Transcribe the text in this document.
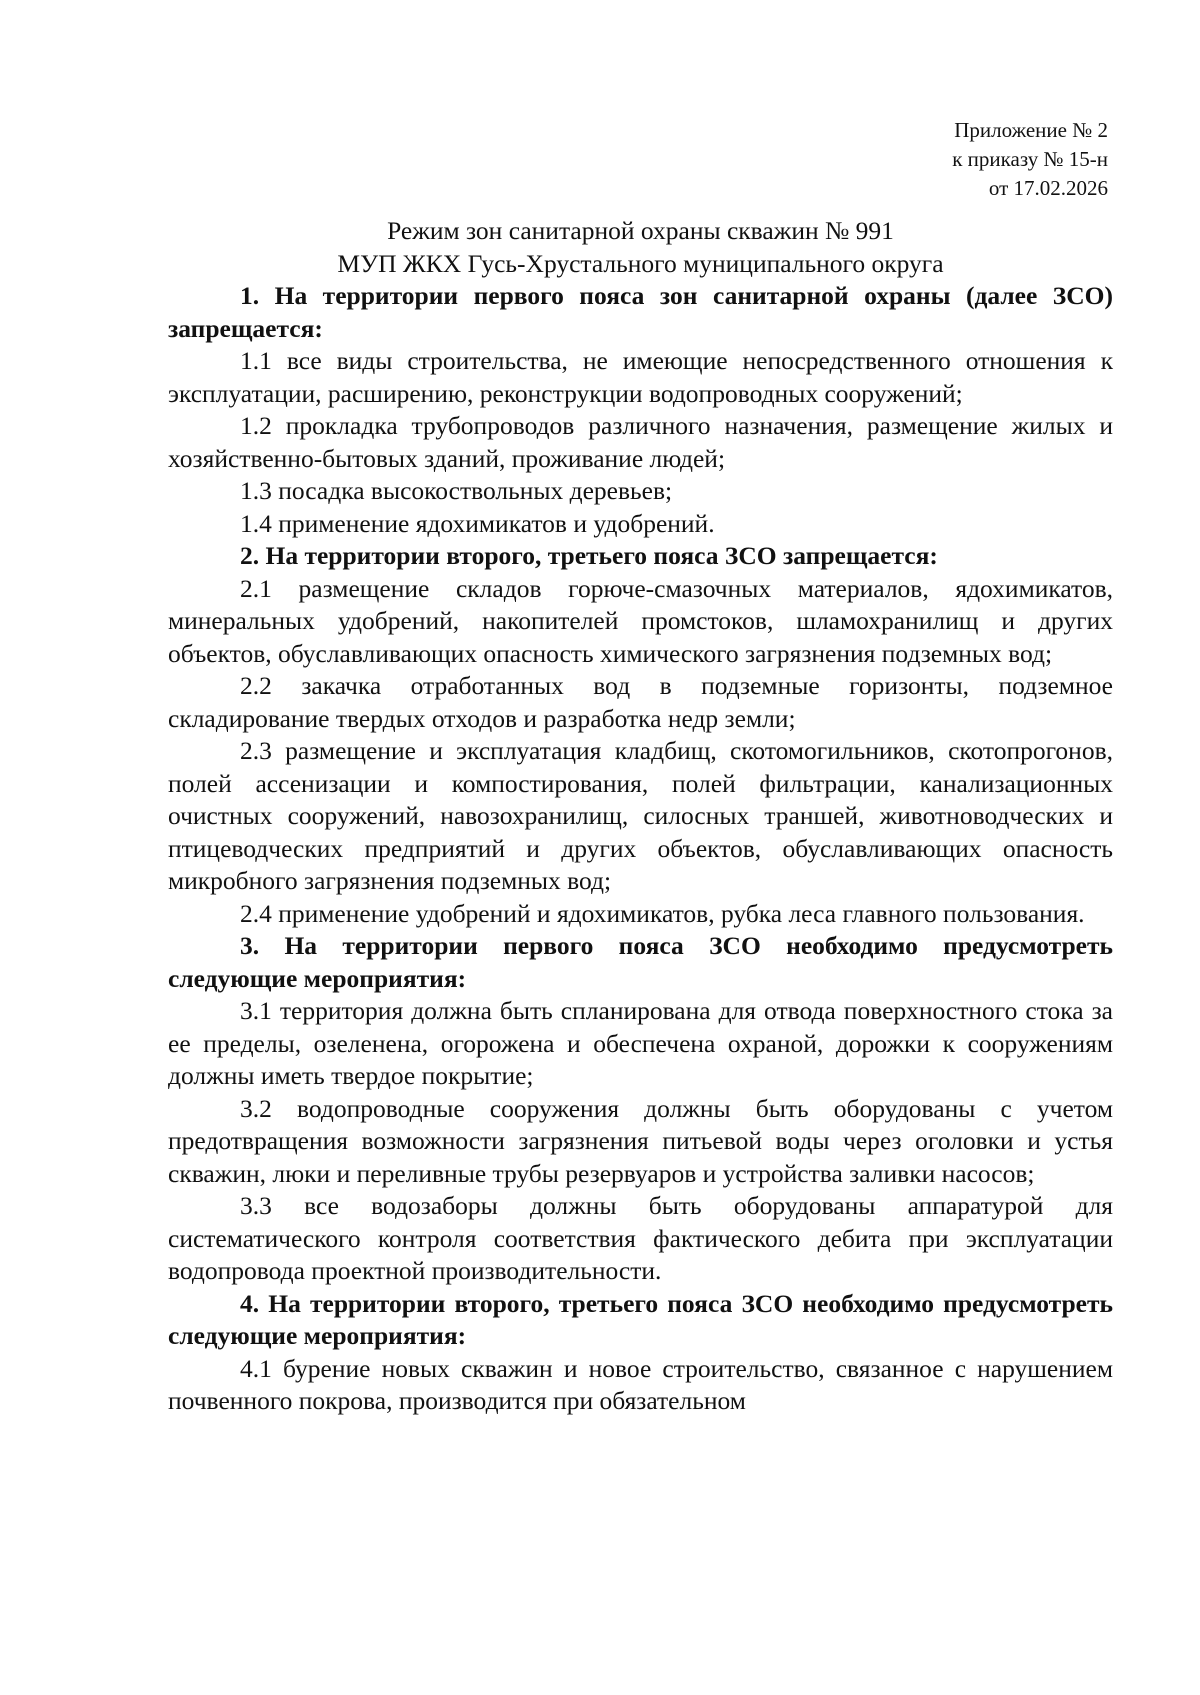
Приложение № 2
к приказу № 15-н
от 17.02.2026

Режим зон санитарной охраны скважин № 991

МУП ЖКХ Гусь-Хрустального муниципального округа

1. На территории первого пояса зон санитарной охраны (далее ЗСО) запрещается:

1.1 все виды строительства, не имеющие непосредственного отношения к эксплуатации, расширению, реконструкции водопроводных сооружений;

1.2 прокладка трубопроводов различного назначения, размещение жилых и хозяйственно-бытовых зданий, проживание людей;

1.3 посадка высокоствольных деревьев;

1.4 применение ядохимикатов и удобрений.

2. На территории второго, третьего пояса ЗСО запрещается:

2.1 размещение складов горюче-смазочных материалов, ядохимикатов, минеральных удобрений, накопителей промстоков, шламохранилищ и других объектов, обуславливающих опасность химического загрязнения подземных вод;

2.2 закачка отработанных вод в подземные горизонты, подземное складирование твердых отходов и разработка недр земли;

2.3 размещение и эксплуатация кладбищ, скотомогильников, скотопрогонов, полей ассенизации и компостирования, полей фильтрации, канализационных очистных сооружений, навозохранилищ, силосных траншей, животноводческих и птицеводческих предприятий и других объектов, обуславливающих опасность микробного загрязнения подземных вод;

2.4 применение удобрений и ядохимикатов, рубка леса главного пользования.

3. На территории первого пояса ЗСО необходимо предусмотреть следующие мероприятия:

3.1 территория должна быть спланирована для отвода поверхностного стока за ее пределы, озеленена, огорожена и обеспечена охраной, дорожки к сооружениям должны иметь твердое покрытие;

3.2 водопроводные сооружения должны быть оборудованы с учетом предотвращения возможности загрязнения питьевой воды через оголовки и устья скважин, люки и переливные трубы резервуаров и устройства заливки насосов;

3.3 все водозаборы должны быть оборудованы аппаратурой для систематического контроля соответствия фактического дебита при эксплуатации водопровода проектной производительности.

4. На территории второго, третьего пояса ЗСО необходимо предусмотреть следующие мероприятия:

4.1 бурение новых скважин и новое строительство, связанное с нарушением почвенного покрова, производится при обязательном
